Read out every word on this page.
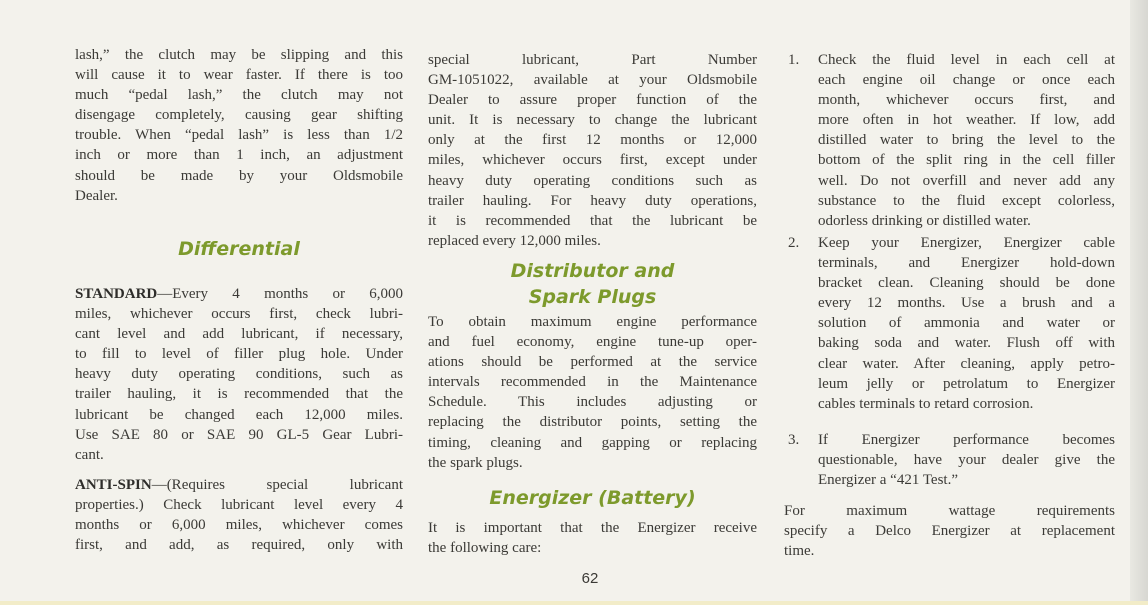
lash,” the clutch may be slipping and this
will cause it to wear faster. If there is too
much “pedal lash,” the clutch may not
disengage completely, causing gear shifting
trouble. When “pedal lash” is less than 1/2
inch or more than 1 inch, an adjustment
should be made by your Oldsmobile
Dealer.
Differential
STANDARD—Every 4 months or 6,000
miles, whichever occurs first, check lubri-
cant level and add lubricant, if necessary,
to fill to level of filler plug hole. Under
heavy duty operating conditions, such as
trailer hauling, it is recommended that the
lubricant be changed each 12,000 miles.
Use SAE 80 or SAE 90 GL-5 Gear Lubri-
cant.
ANTI-SPIN—(Requires special lubricant
properties.) Check lubricant level every 4
months or 6,000 miles, whichever comes
first, and add, as required, only with
special lubricant, Part Number
GM-1051022, available at your Oldsmobile
Dealer to assure proper function of the
unit. It is necessary to change the lubricant
only at the first 12 months or 12,000
miles, whichever occurs first, except under
heavy duty operating conditions such as
trailer hauling. For heavy duty operations,
it is recommended that the lubricant be
replaced every 12,000 miles.
Distributor and
Spark Plugs
To obtain maximum engine performance
and fuel economy, engine tune-up oper-
ations should be performed at the service
intervals recommended in the Maintenance
Schedule. This includes adjusting or
replacing the distributor points, setting the
timing, cleaning and gapping or replacing
the spark plugs.
Energizer (Battery)
It is important that the Energizer receive
the following care:
1. Check the fluid level in each cell at
each engine oil change or once each
month, whichever occurs first, and
more often in hot weather. If low, add
distilled water to bring the level to the
bottom of the split ring in the cell filler
well. Do not overfill and never add any
substance to the fluid except colorless,
odorless drinking or distilled water.
2. Keep your Energizer, Energizer cable
terminals, and Energizer hold-down
bracket clean. Cleaning should be done
every 12 months. Use a brush and a
solution of ammonia and water or
baking soda and water. Flush off with
clear water. After cleaning, apply petro-
leum jelly or petrolatum to Energizer
cables terminals to retard corrosion.
3. If Energizer performance becomes
questionable, have your dealer give the
Energizer a “421 Test.”
For maximum wattage requirements
specify a Delco Energizer at replacement
time.
62
